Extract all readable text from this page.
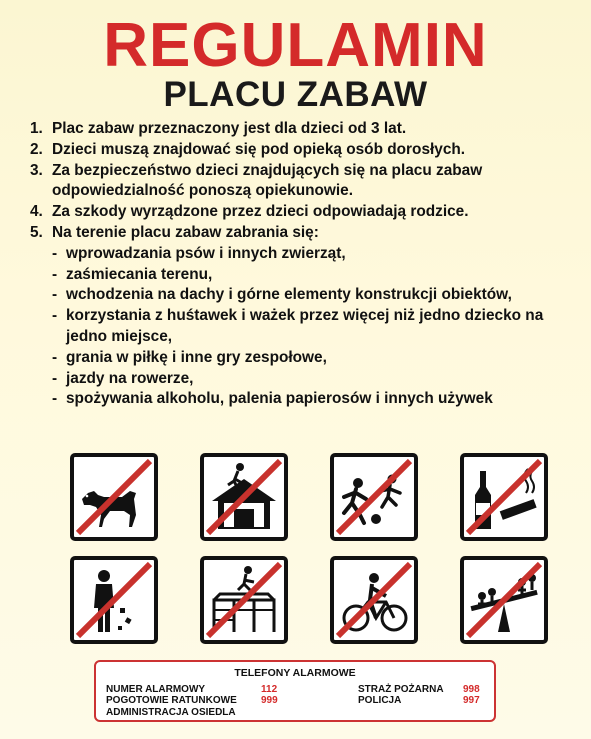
REGULAMIN
PLACU ZABAW
1. Plac zabaw przeznaczony jest dla dzieci od 3 lat.
2. Dzieci muszą znajdować się pod opieką osób dorosłych.
3. Za bezpieczeństwo dzieci znajdujących się na placu zabaw odpowiedzialność ponoszą opiekunowie.
4. Za szkody wyrządzone przez dzieci odpowiadają rodzice.
5. Na terenie placu zabaw zabrania się:
- wprowadzania psów i innych zwierząt,
- zaśmiecania terenu,
- wchodzenia na dachy i górne elementy konstrukcji obiektów,
- korzystania z huśtawek i ważek przez więcej niż jedno dziecko na jedno miejsce,
- grania w piłkę i inne gry zespołowe,
- jazdy na rowerze,
- spożywania alkoholu, palenia papierosów i innych używek
TELEFONY ALARMOWE
NUMER ALARMOWY	112
POGOTOWIE RATUNKOWE 999
ADMINISTRACJA OSIEDLA
STRAŻ POŻARNA 998
POLICJA	997
